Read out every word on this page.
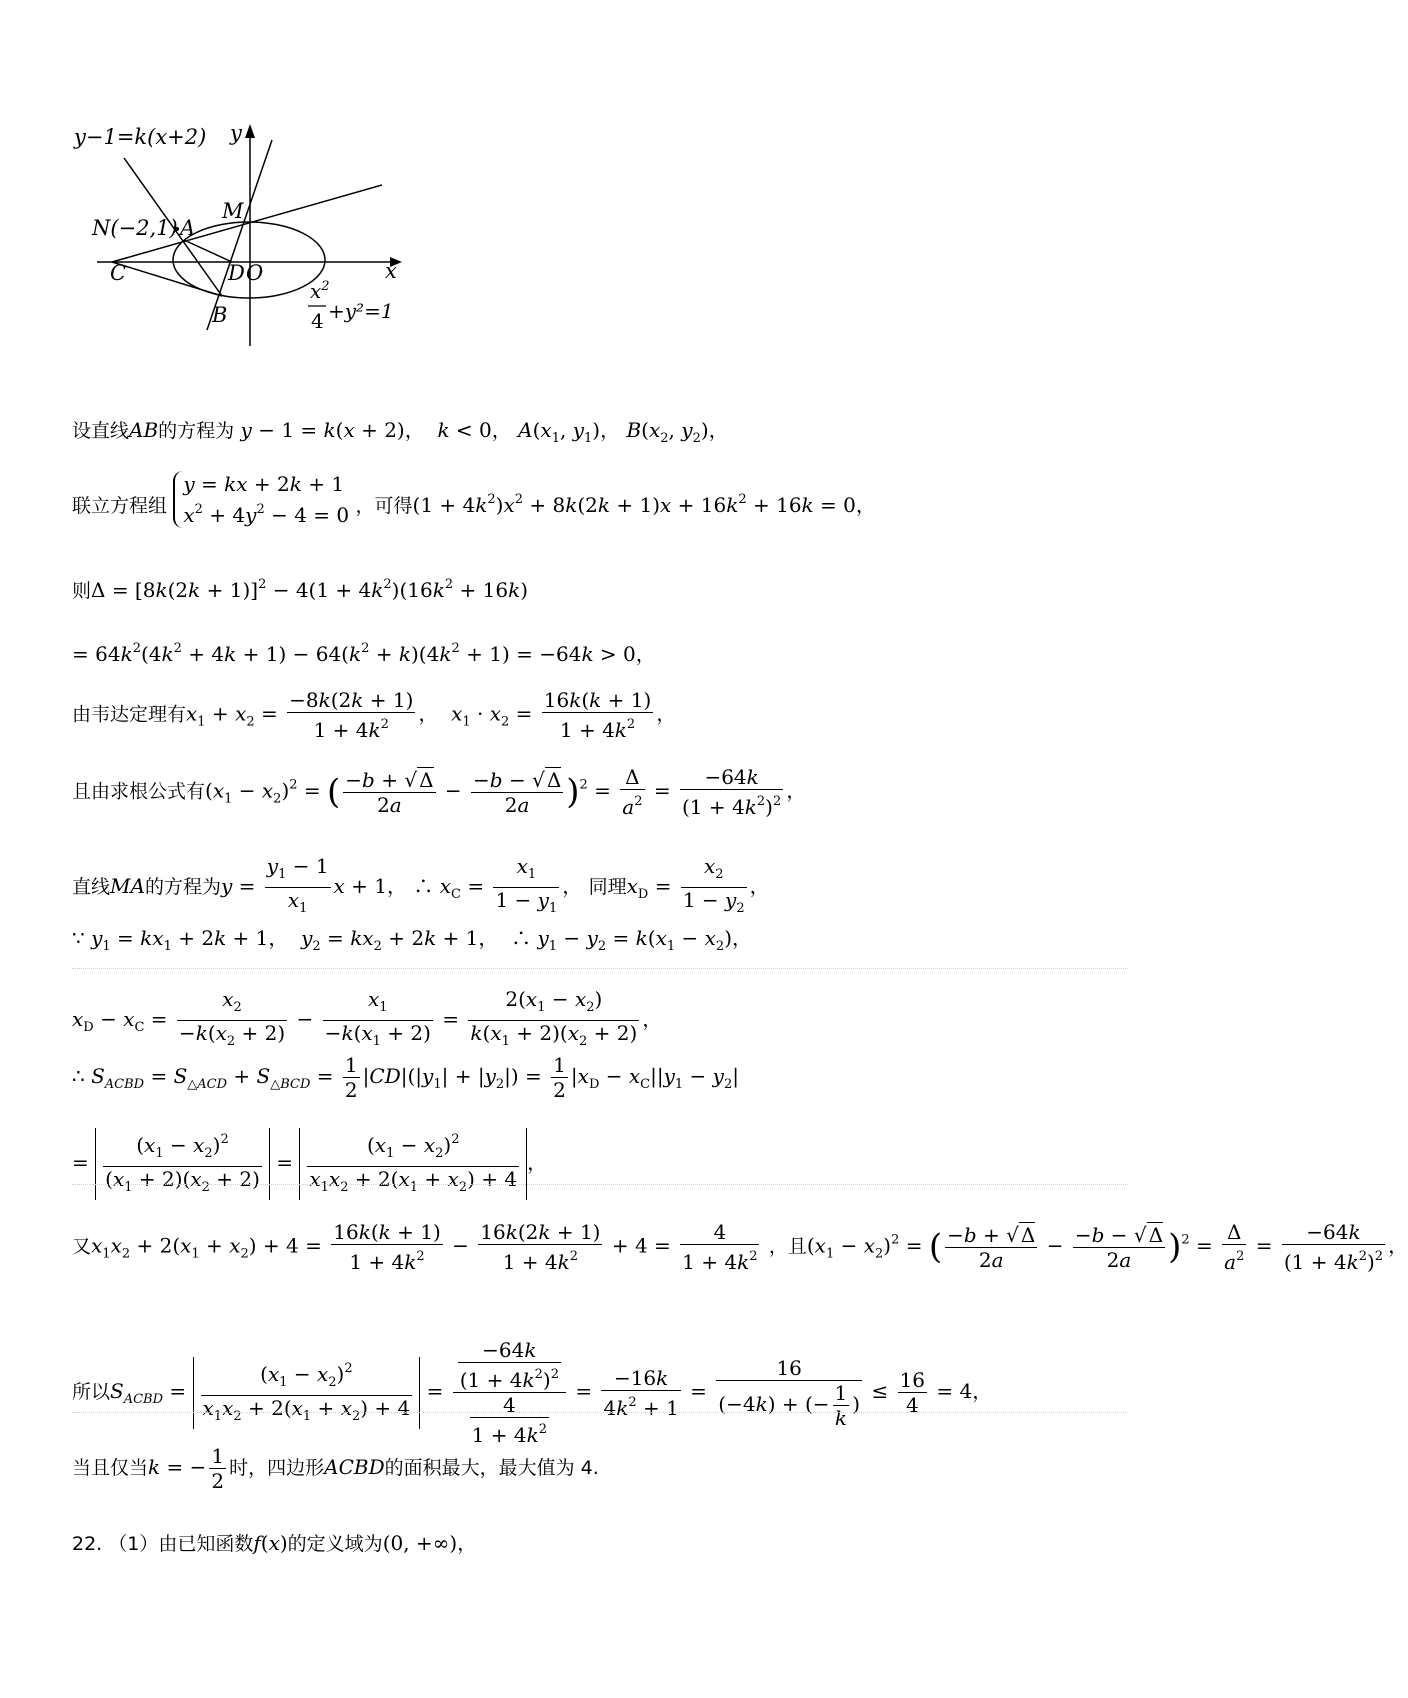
y−1=k(x+2) y
x
M
N(−2,1) A
C	D O
B
$x^2$
4 +y²=1
设直线AB的方程为 y − 1 = k(x + 2)，  k < 0， $A(x_1$, $y_1$)， $B(x_2$, $y_2$)，
联立方程组
y = kx + 2k + 1
$x^2 + 4y^2 - 4 = 0$ ，可得$(1 + 4k^2)x^2 + 8k(2k + 1)x + 16k^2 + 16k = 0$，
则$\Delta = [8k(2k + 1)]^2 - 4(1 + 4k^2)(16k^2 + 16k)$
= $64k^2(4k^2 + 4k + 1) - 64(k^2 + k)(4k^2 + 1) = -64k > 0$，
由韦达定理有$x_1 + x_2 = \frac{-8k(2k + 1)}{1 + 4k^2}$ ，  $x_1 \cdot x_2 = \frac{16k(k + 1)}{1 + 4k^2}$ ，
且由求根公式有$(x_1 - x_2)^2$ = ( $\frac{-b + √ \Delta}{2a} - \frac{-b - √ \Delta}{2a} )^2 = \frac{\Delta}{a^2} = \frac{-64k}{(1 + 4k^2)^2}$ ，
直线MA的方程为$y = \frac{y_1 - 1}{x_1}$ x + 1， ∴ $x_C = \frac{x_1}{1 - y_1}$ ， 同理$x_D = \frac{x_2}{1 - y_2}$ ，
∵ $y_1 = kx_1 + 2k + 1$，  $y_2 = kx_2 + 2k + 1$，  ∴ $y_1 - y_2 = k(x_1 - x_2)$，
$x_D - x_C = \frac{x_2}{-k(x_2 + 2)} - \frac{x_1}{-k(x_1 + 2)} = \frac{2(x_1 - x_2)}{k(x_1 + 2)(x_2 + 2)}$ ，
∴ $S_{ACBD} = S_{\triangle ACD} + S_{\triangle BCD} = \frac{1}{2} |CD|(|y_1| + |y_2|) = \frac{1}{2} |x_D - x_C||y_1 - y_2|$
= $\frac{(x_1 - x_2)^2}{(x_1 + 2)(x_2 + 2)} = \frac{(x_1 - x_2)^2}{x_1x_2 + 2(x_1 + x_2) + 4}$ ，
又$x_1x_2 + 2(x_1 + x_2) + 4 = \frac{16k(k + 1)}{1 + 4k^2} - \frac{16k(2k + 1)}{1 + 4k^2} + 4 = \frac{4}{1 + 4k^2}$ ，且$(x_1 - x_2)^2$ = ( $\frac{-b + √ \Delta}{2a} - \frac{-b - √ \Delta}{2a} )^2 = \frac{\Delta}{a^2} = \frac{-64k}{(1 + 4k^2)^2}$ ，
所以$S_{ACBD} = \frac{(x_1 - x_2)^2}{x_1x_2 + 2(x_1 + x_2) + 4} = \frac{\frac{-64k}{(1 + 4k^2)^2}}{\frac{4}{1 + 4k^2}} = \frac{-16k}{4k^2 + 1} = \frac{16}{(-4k) + (- \frac{1}{k} )} \le \frac{16}{4} = 4$，
当且仅当k = − $\frac{1}{2}$ 时，四边形ACBD的面积最大，最大值为 4.
22. （1）由已知函数f(x)的定义域为(0, +∞)，
